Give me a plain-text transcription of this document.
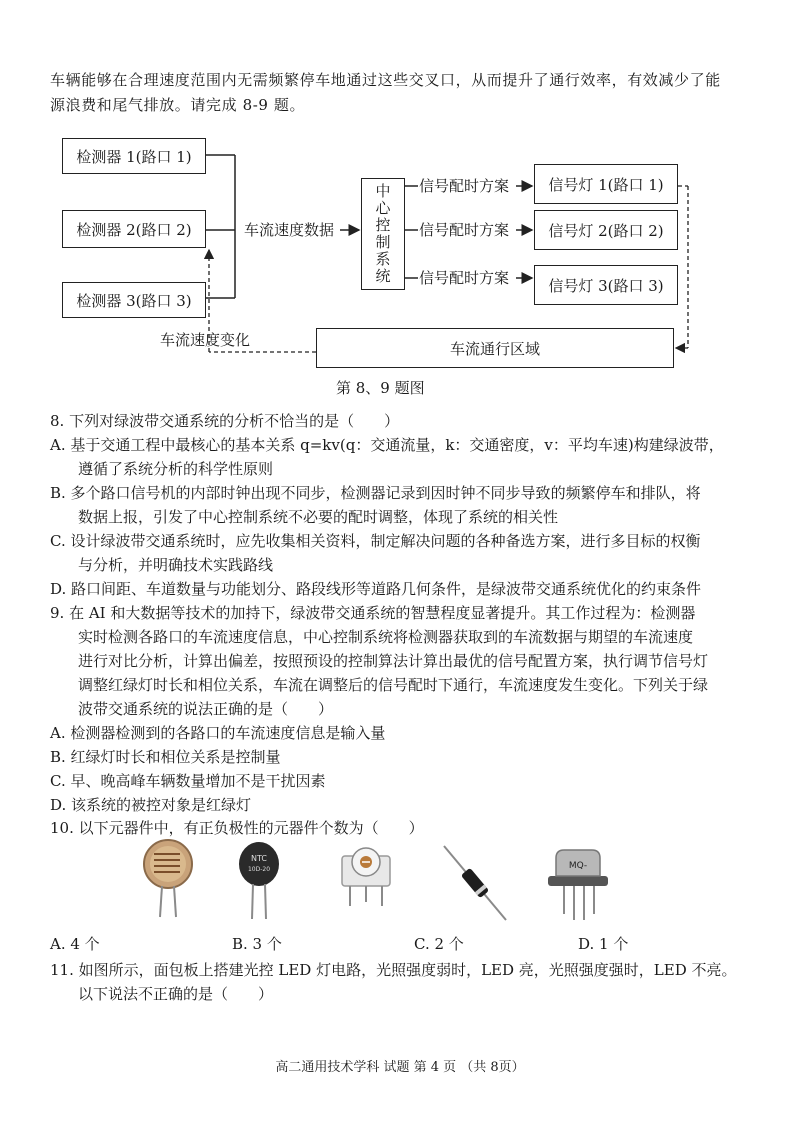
车辆能够在合理速度范围内无需频繁停车地通过这些交叉口，从而提升了通行效率，有效减少了能
源浪费和尾气排放。请完成 8-9 题。
检测器 1(路口 1)
检测器 2(路口 2)
检测器 3(路口 3)
车流速度数据
中
心
控
制
系
统
信号配时方案
信号配时方案
信号配时方案
信号灯 1(路口 1)
信号灯 2(路口 2)
信号灯 3(路口 3)
车流速度变化	车流通行区域
第 8、9 题图
8. 下列对绿波带交通系统的分析不恰当的是（　　）
A. 基于交通工程中最核心的基本关系 q=kv(q：交通流量，k：交通密度，v：平均车速)构建绿波带，
遵循了系统分析的科学性原则
B. 多个路口信号机的内部时钟出现不同步，检测器记录到因时钟不同步导致的频繁停车和排队，将
数据上报，引发了中心控制系统不必要的配时调整，体现了系统的相关性
C. 设计绿波带交通系统时，应先收集相关资料，制定解决问题的各种备选方案，进行多目标的权衡
与分析，并明确技术实践路线
D. 路口间距、车道数量与功能划分、路段线形等道路几何条件，是绿波带交通系统优化的约束条件
9. 在 AI 和大数据等技术的加持下，绿波带交通系统的智慧程度显著提升。其工作过程为：检测器
实时检测各路口的车流速度信息，中心控制系统将检测器获取到的车流数据与期望的车流速度
进行对比分析，计算出偏差，按照预设的控制算法计算出最优的信号配置方案，执行调节信号灯
调整红绿灯时长和相位关系，车流在调整后的信号配时下通行，车流速度发生变化。下列关于绿
波带交通系统的说法正确的是（　　）
A. 检测器检测到的各路口的车流速度信息是输入量
B. 红绿灯时长和相位关系是控制量
C. 早、晚高峰车辆数量增加不是干扰因素
D. 该系统的被控对象是红绿灯
10. 以下元器件中，有正负极性的元器件个数为（　　）
NTC
10D-20	MQ-
A. 4 个	B. 3 个	C. 2 个	D. 1 个
11. 如图所示，面包板上搭建光控 LED 灯电路，光照强度弱时，LED 亮，光照强度强时，LED 不亮。
以下说法不正确的是（　　）
高二通用技术学科 试题 第 4 页 （共 8页）
